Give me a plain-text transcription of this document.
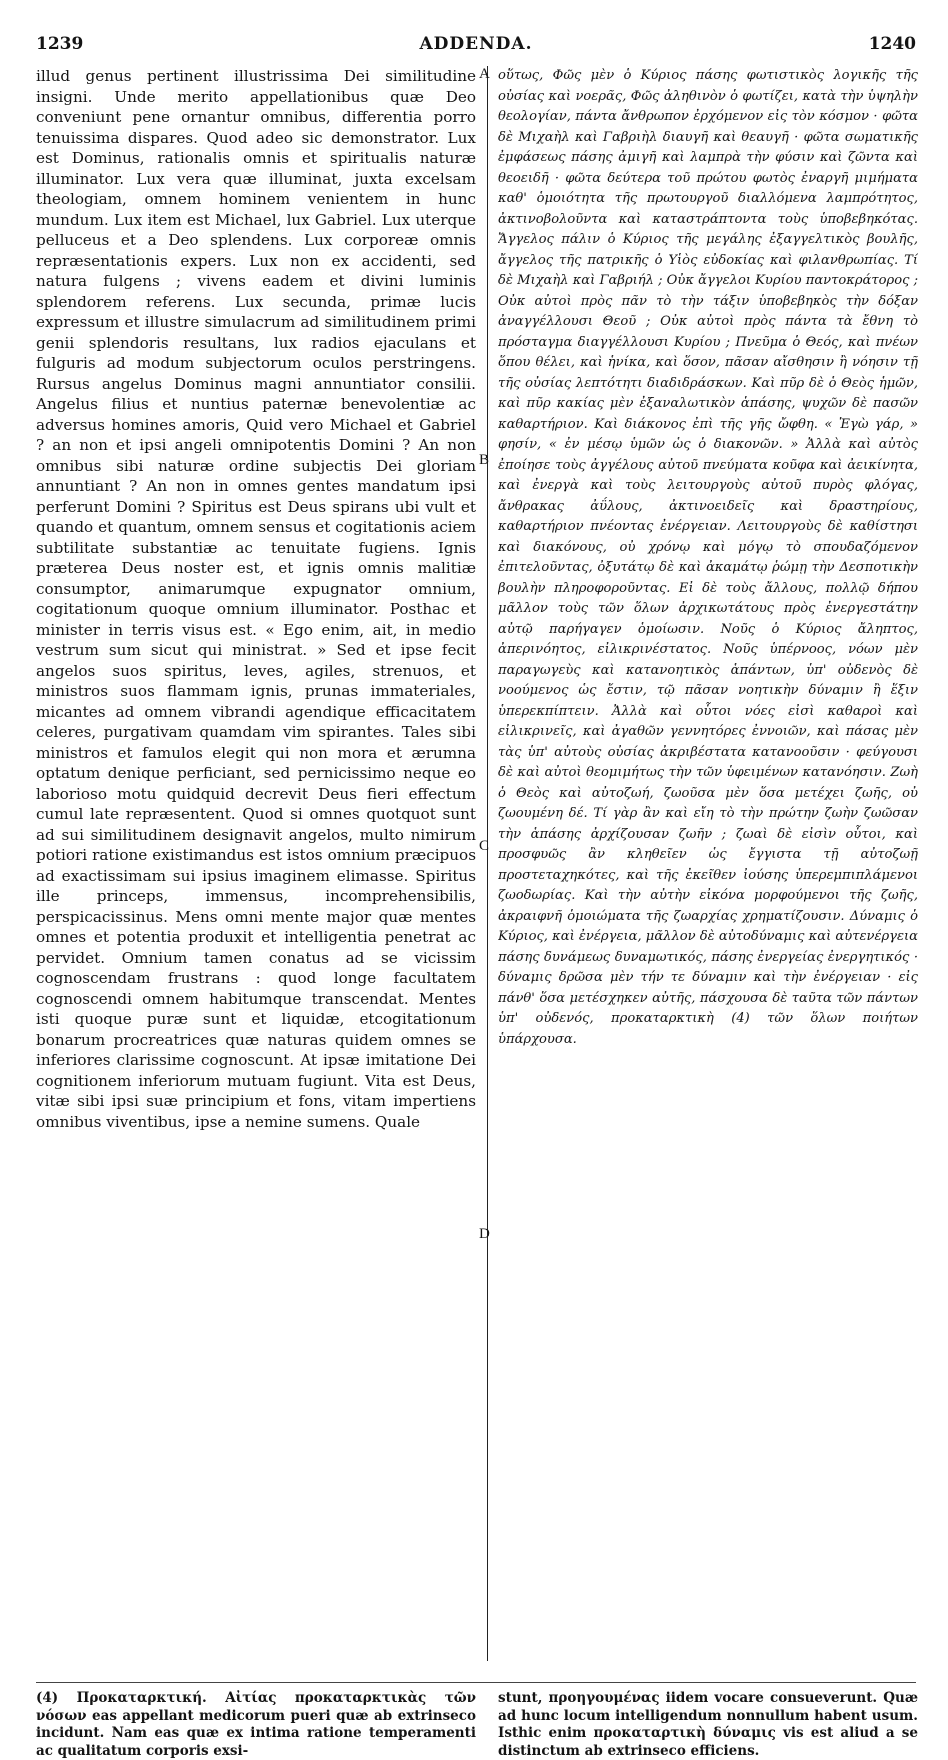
1239	ADDENDA.	1240

illud genus pertinent illustrissima Dei similitudine insigni. Unde merito appellationibus quæ Deo conveniunt pene ornantur omnibus, differentia porro tenuissima dispares. Quod adeo sic demonstrator. Lux est Dominus, rationalis omnis et spiritualis naturæ illuminator. Lux vera quæ illuminat, juxta excelsam theologiam, omnem hominem venientem in hunc mundum. Lux item est Michael, lux Gabriel. Lux uterque pelluceus et a Deo splendens. Lux corporeæ omnis repræsentationis expers. Lux non ex accidenti, sed natura fulgens ; vivens eadem et divini luminis splendorem referens. Lux secunda, primæ lucis expressum et illustre simulacrum ad similitudinem primi genii splendoris resultans, lux radios ejaculans et fulguris ad modum subjectorum oculos perstringens. Rursus angelus Dominus magni annuntiator consilii. Angelus filius et nuntius paternæ benevolentiæ ac adversus homines amoris, Quid vero Michael et Gabriel ? an non et ipsi angeli omnipotentis Domini ? An non omnibus sibi naturæ ordine subjectis Dei gloriam annuntiant ? An non in omnes gentes mandatum ipsi perferunt Domini ? Spiritus est Deus spirans ubi vult et quando et quantum, omnem sensus et cogitationis aciem subtilitate substantiæ ac tenuitate fugiens. Ignis præterea Deus noster est, et ignis omnis malitiæ consumptor, animarumque expugnator omnium, cogitationum quoque omnium illuminator. Posthac et minister in terris visus est. « Ego enim, ait, in medio vestrum sum sicut qui ministrat. » Sed et ipse fecit angelos suos spiritus, leves, agiles, strenuos, et ministros suos flammam ignis, prunas immateriales, micantes ad omnem vibrandi agendique efficacitatem celeres, purgativam quamdam vim spirantes. Tales sibi ministros et famulos elegit qui non mora et ærumna optatum denique perficiant, sed pernicissimo neque eo laborioso motu quidquid decrevit Deus fieri effectum cumul late repræsentent. Quod si omnes quotquot sunt ad sui similitudinem designavit angelos, multo nimirum potiori ratione existimandus est istos omnium præcipuos ad exactissimam sui ipsius imaginem elimasse. Spiritus ille princeps, immensus, incomprehensibilis, perspicacissinus. Mens omni mente major quæ mentes omnes et potentia produxit et intelligentia penetrat ac pervidet. Omnium tamen conatus ad se vicissim cognoscendam frustrans : quod longe facultatem cognoscendi omnem habitumque transcendat. Mentes isti quoque puræ sunt et liquidæ, etcogitationum bonarum procreatrices quæ naturas quidem omnes se inferiores clarissime cognoscunt. At ipsæ imitatione Dei cognitionem inferiorum mutuam fugiunt. Vita est Deus, vitæ sibi ipsi suæ principium et fons, vitam impertiens omnibus viventibus, ipse a nemine sumens. Quale

A
B
C
D

οὕτως, Φῶς μὲν ὁ Κύριος πάσης φωτιστικὸς λογικῆς τῆς οὐσίας καὶ νοερᾶς, Φῶς ἀληθινὸν ὁ φωτίζει, κατὰ τὴν ὑψηλὴν θεολογίαν, πάντα ἄνθρωπον ἐρχόμενον εἰς τὸν κόσμον · φῶτα δὲ Μιχαὴλ καὶ Γαβριὴλ διαυγῆ καὶ θεαυγῆ · φῶτα σωματικῆς ἐμφάσεως πάσης ἀμιγῆ καὶ λαμπρὰ τὴν φύσιν καὶ ζῶντα καὶ θεοειδῆ · φῶτα δεύτερα τοῦ πρώτου φωτὸς ἐναργῆ μιμήματα καθ' ὁμοιότητα τῆς πρωτουργοῦ διαλλόμενα λαμπρότητος, ἀκτινοβολοῦντα καὶ καταστράπτοντα τοὺς ὑποβεβηκότας. Ἄγγελος πάλιν ὁ Κύριος τῆς μεγάλης ἐξαγγελτικὸς βουλῆς, ἄγγελος τῆς πατρικῆς ὁ Υἱὸς εὐδοκίας καὶ φιλανθρωπίας. Τί δὲ Μιχαὴλ καὶ Γαβριήλ ; Οὐκ ἄγγελοι Κυρίου παντοκράτορος ; Οὐκ αὐτοὶ πρὸς πᾶν τὸ τὴν τάξιν ὑποβεβηκὸς τὴν δόξαν ἀναγγέλλουσι Θεοῦ ; Οὐκ αὐτοὶ πρὸς πάντα τὰ ἔθνη τὸ πρόσταγμα διαγγέλλουσι Κυρίου ; Πνεῦμα ὁ Θεός, καὶ πνέων ὅπου θέλει, καὶ ἡνίκα, καὶ ὅσον, πᾶσαν αἴσθησιν ἢ νόησιν τῇ τῆς οὐσίας λεπτότητι διαδιδράσκων. Καὶ πῦρ δὲ ὁ Θεὸς ἡμῶν, καὶ πῦρ κακίας μὲν ἐξαναλωτικὸν ἁπάσης, ψυχῶν δὲ πασῶν καθαρτήριον. Καὶ διάκονος ἐπὶ τῆς γῆς ὤφθη. « Ἐγὼ γάρ, » φησίν, « ἐν μέσῳ ὑμῶν ὡς ὁ διακονῶν. » Ἀλλὰ καὶ αὐτὸς ἐποίησε τοὺς ἀγγέλους αὐτοῦ πνεύματα κοῦφα καὶ ἀεικίνητα, καὶ ἐνεργὰ καὶ τοὺς λειτουργοὺς αὐτοῦ πυρὸς φλόγας, ἄνθρακας ἀΰλους, ἀκτινοειδεῖς καὶ δραστηρίους, καθαρτήριον πνέοντας ἐνέργειαν. Λειτουργοὺς δὲ καθίστησι καὶ διακόνους, οὐ χρόνῳ καὶ μόγῳ τὸ σπουδαζόμενον ἐπιτελοῦντας, ὀξυτάτῳ δὲ καὶ ἀκαμάτῳ ῥώμῃ τὴν Δεσποτικὴν βουλὴν πληροφοροῦντας. Εἰ δὲ τοὺς ἄλλους, πολλῷ δήπου μᾶλλον τοὺς τῶν ὅλων ἀρχικωτάτους πρὸς ἐνεργεστάτην αὐτῷ παρήγαγεν ὁμοίωσιν. Νοῦς ὁ Κύριος ἄληπτος, ἀπερινόητος, εἰλικρινέστατος. Νοῦς ὑπέρνοος, νόων μὲν παραγωγεὺς καὶ κατανοητικὸς ἁπάντων, ὑπ' οὐδενὸς δὲ νοούμενος ὡς ἔστιν, τῷ πᾶσαν νοητικὴν δύναμιν ἢ ἕξιν ὑπερεκπίπτειν. Ἀλλὰ καὶ οὗτοι νόες εἰσὶ καθαροὶ καὶ εἰλικρινεῖς, καὶ ἀγαθῶν γεννητόρες ἐννοιῶν, καὶ πάσας μὲν τὰς ὑπ' αὐτοὺς οὐσίας ἀκριβέστατα κατανοοῦσιν · φεύγουσι δὲ καὶ αὐτοὶ θεομιμήτως τὴν τῶν ὑφειμένων κατανόησιν. Ζωὴ ὁ Θεὸς καὶ αὐτοζωή, ζωοῦσα μὲν ὅσα μετέχει ζωῆς, οὐ ζωουμένη δέ. Τί γὰρ ἂν καὶ εἴη τὸ τὴν πρώτην ζωὴν ζωῶσαν τὴν ἁπάσης ἀρχίζουσαν ζωῆν ; ζωαὶ δὲ εἰσὶν οὗτοι, καὶ προσφυῶς ἂν κληθεῖεν ὡς ἔγγιστα τῇ αὐτοζωῇ προστεταχηκότες, καὶ τῆς ἐκεῖθεν ἰούσης ὑπερεμπιπλάμενοι ζωοδωρίας. Καὶ τὴν αὐτὴν εἰκόνα μορφούμενοι τῆς ζωῆς, ἀκραιφνῆ ὁμοιώματα τῆς ζωαρχίας χρηματίζουσιν. Δύναμις ὁ Κύριος, καὶ ἐνέργεια, μᾶλλον δὲ αὐτοδύναμις καὶ αὐτενέργεια πάσης δυνάμεως δυναμωτικός, πάσης ἐνεργείας ἐνεργητικός · δύναμις δρῶσα μὲν τήν τε δύναμιν καὶ τὴν ἐνέργειαν · εἰς πάνθ' ὅσα μετέσχηκεν αὐτῆς, πάσχουσα δὲ ταῦτα τῶν πάντων ὑπ' οὐδενός, προκαταρκτικὴ (4) τῶν ὅλων ποιήτων ὑπάρχουσα.

(4) Προκαταρκτική. Αἰτίας προκαταρκτικὰς τῶν νόσων eas appellant medicorum pueri quæ ab extrinseco incidunt. Nam eas quæ ex intima ratione temperamenti ac qualitatum corporis exsi-

stunt, προηγουμένας iidem vocare consueverunt. Quæ ad hunc locum intelligendum nonnullum habent usum. Isthic enim προκαταρτικὴ δύναμις vis est aliud a se distinctum ab extrinseco efficiens.
